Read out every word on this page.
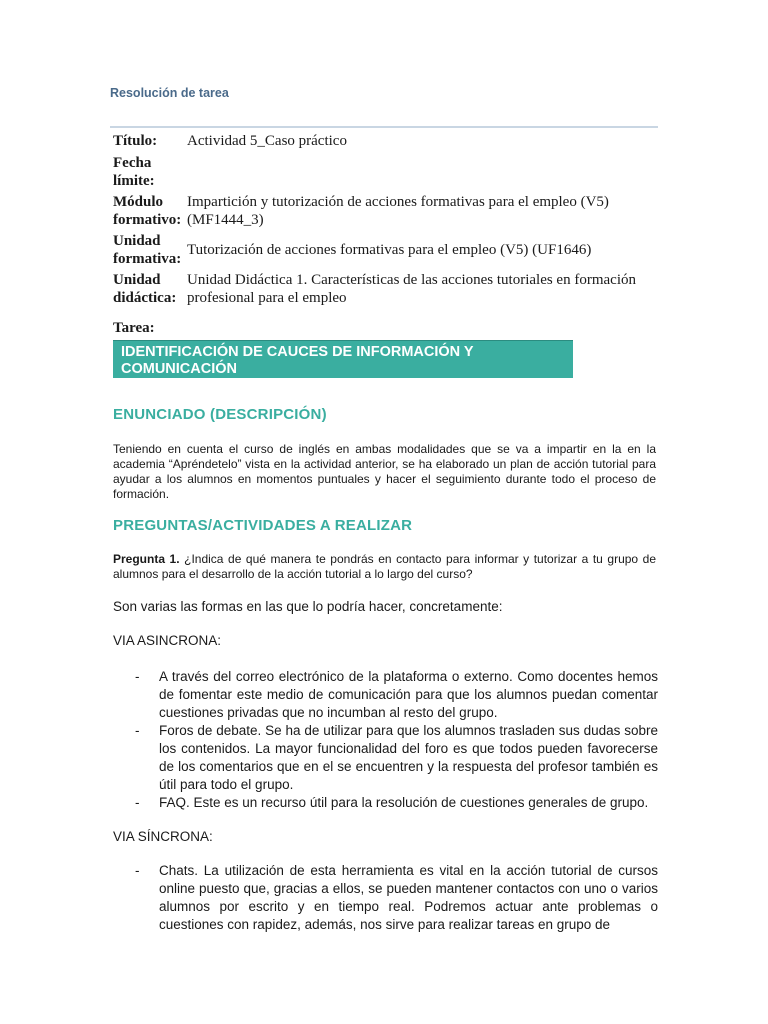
Resolución de tarea
Título:	Actividad 5_Caso práctico
Fecha límite:	
Módulo formativo:	Impartición y tutorización de acciones formativas para el empleo (V5) (MF1444_3)
Unidad formativa:	Tutorización de acciones formativas para el empleo (V5) (UF1646)
Unidad didáctica:	Unidad Didáctica 1. Características de las acciones tutoriales en formación profesional para el empleo
Tarea:
IDENTIFICACIÓN DE CAUCES DE INFORMACIÓN Y COMUNICACIÓN
ENUNCIADO (DESCRIPCIÓN)
Teniendo en cuenta el curso de inglés en ambas modalidades que se va a impartir en la en la academia “Apréndetelo” vista en la actividad anterior, se ha elaborado un plan de acción tutorial para ayudar a los alumnos en momentos puntuales y hacer el seguimiento durante todo el proceso de formación.
PREGUNTAS/ACTIVIDADES A REALIZAR
Pregunta 1. ¿Indica de qué manera te pondrás en contacto para informar y tutorizar a tu grupo de alumnos para el desarrollo de la acción tutorial a lo largo del curso?
Son varias las formas en las que lo podría hacer, concretamente:
VIA ASINCRONA:
- A través del correo electrónico de la plataforma o externo. Como docentes hemos de fomentar este medio de comunicación para que los alumnos puedan comentar cuestiones privadas que no incumban al resto del grupo.
- Foros de debate. Se ha de utilizar para que los alumnos trasladen sus dudas sobre los contenidos. La mayor funcionalidad del foro es que todos pueden favorecerse de los comentarios que en el se encuentren y la respuesta del profesor también es útil para todo el grupo.
- FAQ. Este es un recurso útil para la resolución de cuestiones generales de grupo.
VIA SÍNCRONA:
- Chats. La utilización de esta herramienta es vital en la acción tutorial de cursos online puesto que, gracias a ellos, se pueden mantener contactos con uno o varios alumnos por escrito y en tiempo real. Podremos actuar ante problemas o cuestiones con rapidez, además, nos sirve para realizar tareas en grupo de
